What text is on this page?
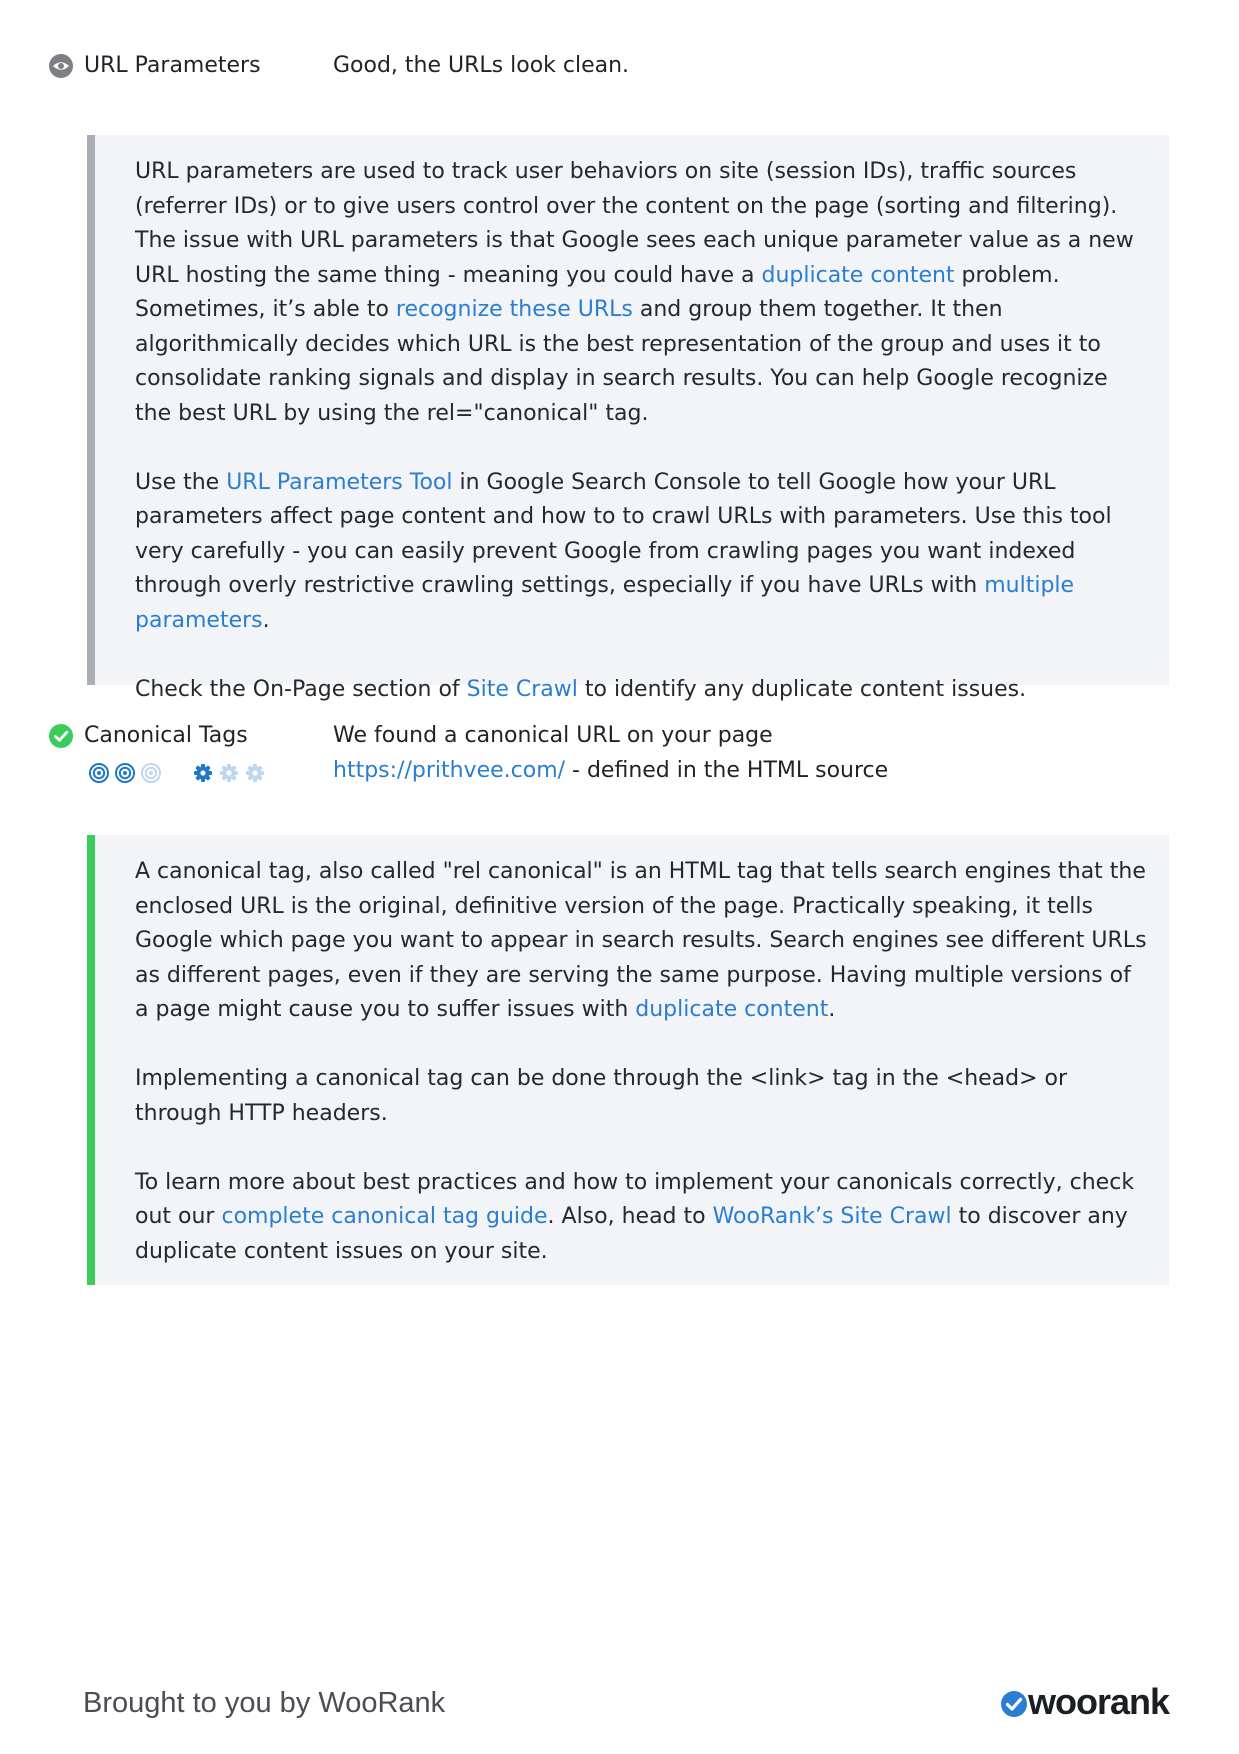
URL Parameters	Good, the URLs look clean.

URL parameters are used to track user behaviors on site (session IDs), traffic sources (referrer IDs) or to give users control over the content on the page (sorting and filtering). The issue with URL parameters is that Google sees each unique parameter value as a new URL hosting the same thing - meaning you could have a duplicate content problem. Sometimes, it’s able to recognize these URLs and group them together. It then algorithmically decides which URL is the best representation of the group and uses it to consolidate ranking signals and display in search results. You can help Google recognize the best URL by using the rel="canonical" tag.

Use the URL Parameters Tool in Google Search Console to tell Google how your URL parameters affect page content and how to to crawl URLs with parameters. Use this tool very carefully - you can easily prevent Google from crawling pages you want indexed through overly restrictive crawling settings, especially if you have URLs with multiple parameters.

Check the On-Page section of Site Crawl to identify any duplicate content issues.

Canonical Tags	We found a canonical URL on your page
https://prithvee.com/ - defined in the HTML source

A canonical tag, also called "rel canonical" is an HTML tag that tells search engines that the enclosed URL is the original, definitive version of the page. Practically speaking, it tells Google which page you want to appear in search results. Search engines see different URLs as different pages, even if they are serving the same purpose. Having multiple versions of a page might cause you to suffer issues with duplicate content.

Implementing a canonical tag can be done through the <link> tag in the <head> or through HTTP headers.

To learn more about best practices and how to implement your canonicals correctly, check out our complete canonical tag guide. Also, head to WooRank’s Site Crawl to discover any duplicate content issues on your site.

Brought to you by WooRank	woorank
